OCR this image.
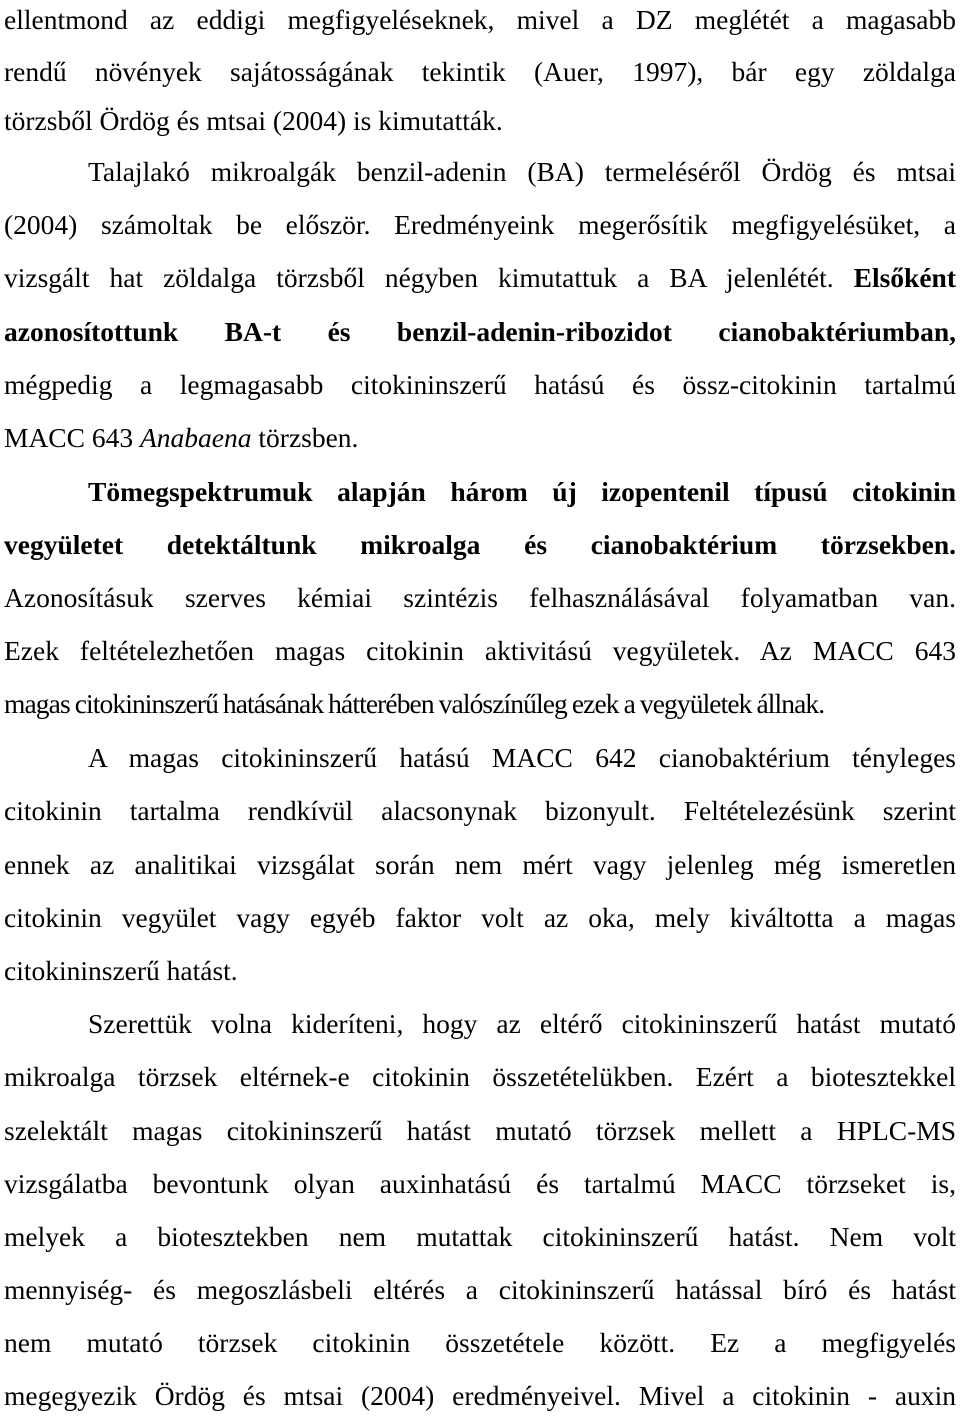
ellentmond az eddigi megfigyeléseknek, mivel a DZ meglétét a magasabb
rendű növények sajátosságának tekintik (Auer, 1997), bár egy zöldalga
törzsből Ördög és mtsai (2004) is kimutatták.
Talajlakó mikroalgák benzil-adenin (BA) termeléséről Ördög és mtsai
(2004) számoltak be először. Eredményeink megerősítik megfigyelésüket, a
vizsgált hat zöldalga törzsből négyben kimutattuk a BA jelenlétét. Elsőként
azonosítottunk BA-t és benzil-adenin-ribozidot cianobaktériumban,
mégpedig a legmagasabb citokininszerű hatású és össz-citokinin tartalmú
MACC 643 Anabaena törzsben.
Tömegspektrumuk alapján három új izopentenil típusú citokinin
vegyületet detektáltunk mikroalga és cianobaktérium törzsekben.
Azonosításuk szerves kémiai szintézis felhasználásával folyamatban van.
Ezek feltételezhetően magas citokinin aktivitású vegyületek. Az MACC 643
magas citokininszerű hatásának hátterében valószínűleg ezek a vegyületek állnak.
A magas citokininszerű hatású MACC 642 cianobaktérium tényleges
citokinin tartalma rendkívül alacsonynak bizonyult. Feltételezésünk szerint
ennek az analitikai vizsgálat során nem mért vagy jelenleg még ismeretlen
citokinin vegyület vagy egyéb faktor volt az oka, mely kiváltotta a magas
citokininszerű hatást.
Szerettük volna kideríteni, hogy az eltérő citokininszerű hatást mutató
mikroalga törzsek eltérnek-e citokinin összetételükben. Ezért a biotesztekkel
szelektált magas citokininszerű hatást mutató törzsek mellett a HPLC-MS
vizsgálatba bevontunk olyan auxinhatású és tartalmú MACC törzseket is,
melyek a biotesztekben nem mutattak citokininszerű hatást. Nem volt
mennyiség- és megoszlásbeli eltérés a citokininszerű hatással bíró és hatást
nem mutató törzsek citokinin összetétele között. Ez a megfigyelés
megegyezik Ördög és mtsai (2004) eredményeivel. Mivel a citokinin - auxin
